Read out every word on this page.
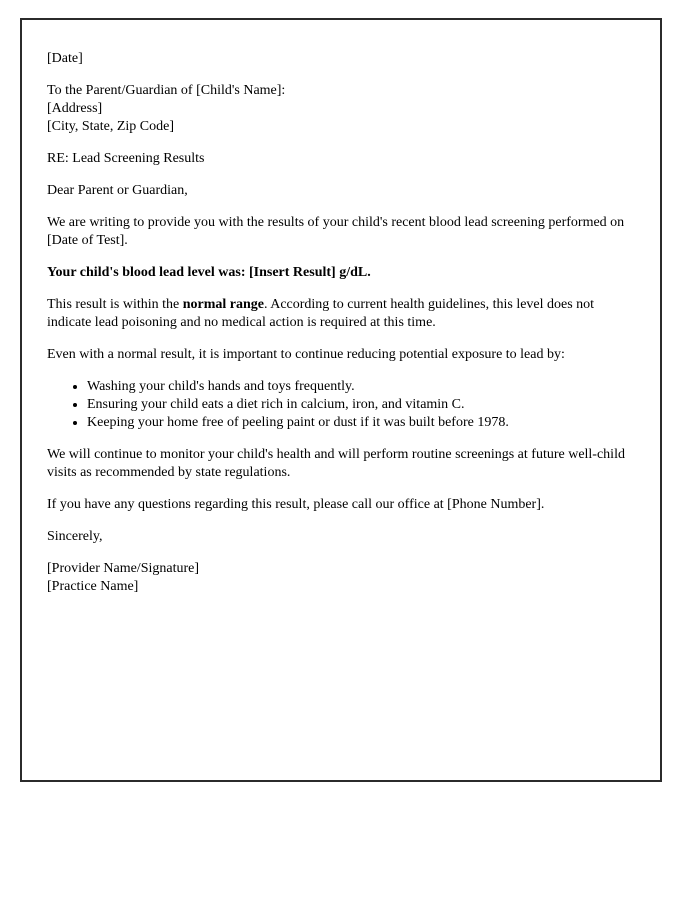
[Date]

To the Parent/Guardian of [Child's Name]:
[Address]
[City, State, Zip Code]

RE: Lead Screening Results

Dear Parent or Guardian,

We are writing to provide you with the results of your child's recent blood lead screening performed on [Date of Test].

Your child's blood lead level was: [Insert Result] g/dL.

This result is within the normal range. According to current health guidelines, this level does not indicate lead poisoning and no medical action is required at this time.

Even with a normal result, it is important to continue reducing potential exposure to lead by:

• Washing your child's hands and toys frequently.
• Ensuring your child eats a diet rich in calcium, iron, and vitamin C.
• Keeping your home free of peeling paint or dust if it was built before 1978.

We will continue to monitor your child's health and will perform routine screenings at future well-child visits as recommended by state regulations.

If you have any questions regarding this result, please call our office at [Phone Number].

Sincerely,

[Provider Name/Signature]
[Practice Name]
